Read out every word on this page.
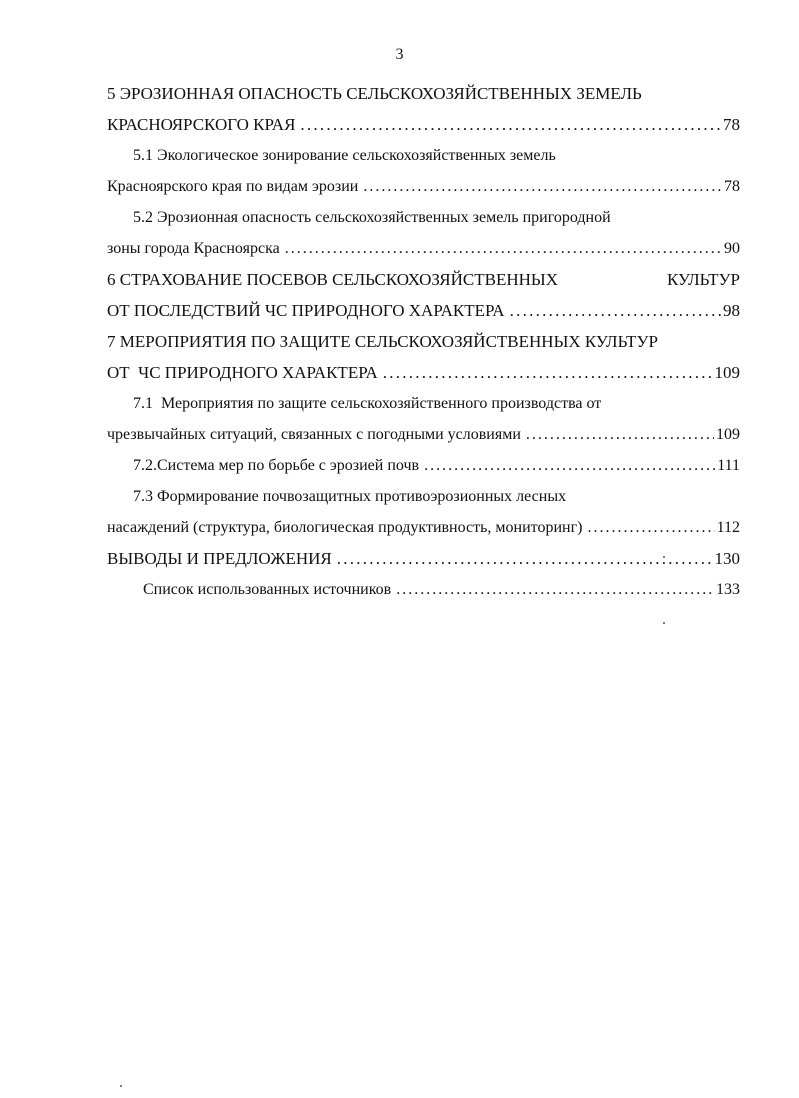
3
5 ЭРОЗИОННАЯ ОПАСНОСТЬ СЕЛЬСКОХОЗЯЙСТВЕННЫХ ЗЕМЕЛЬ
КРАСНОЯРСКОГО КРАЯ . . .	78
5.1 Экологическое зонирование сельскохозяйственных земель
Красноярского края по видам эрозии . . .	78
5.2 Эрозионная опасность сельскохозяйственных земель пригородной
зоны города Красноярска . . .	90
6 СТРАХОВАНИЕ ПОСЕВОВ СЕЛЬСКОХОЗЯЙСТВЕННЫХ	КУЛЬТУР
ОТ ПОСЛЕДСТВИЙ ЧС ПРИРОДНОГО ХАРАКТЕРА . . .	98
7 МЕРОПРИЯТИЯ ПО ЗАЩИТЕ СЕЛЬСКОХОЗЯЙСТВЕННЫХ КУЛЬТУР
ОТ  ЧС ПРИРОДНОГО ХАРАКТЕРА . . .	109
7.1  Мероприятия по защите сельскохозяйственного производства от
чрезвычайных ситуаций, связанных с погодными условиями . . .	109
7.2.Система мер по борьбе с эрозией почв . . .	111
7.3 Формирование почвозащитных противоэрозионных лесных
насаждений (структура, биологическая продуктивность, мониторинг) . . .	112
ВЫВОДЫ И ПРЕДЛОЖЕНИЯ . . .	130
Список использованных источников . . .	133
